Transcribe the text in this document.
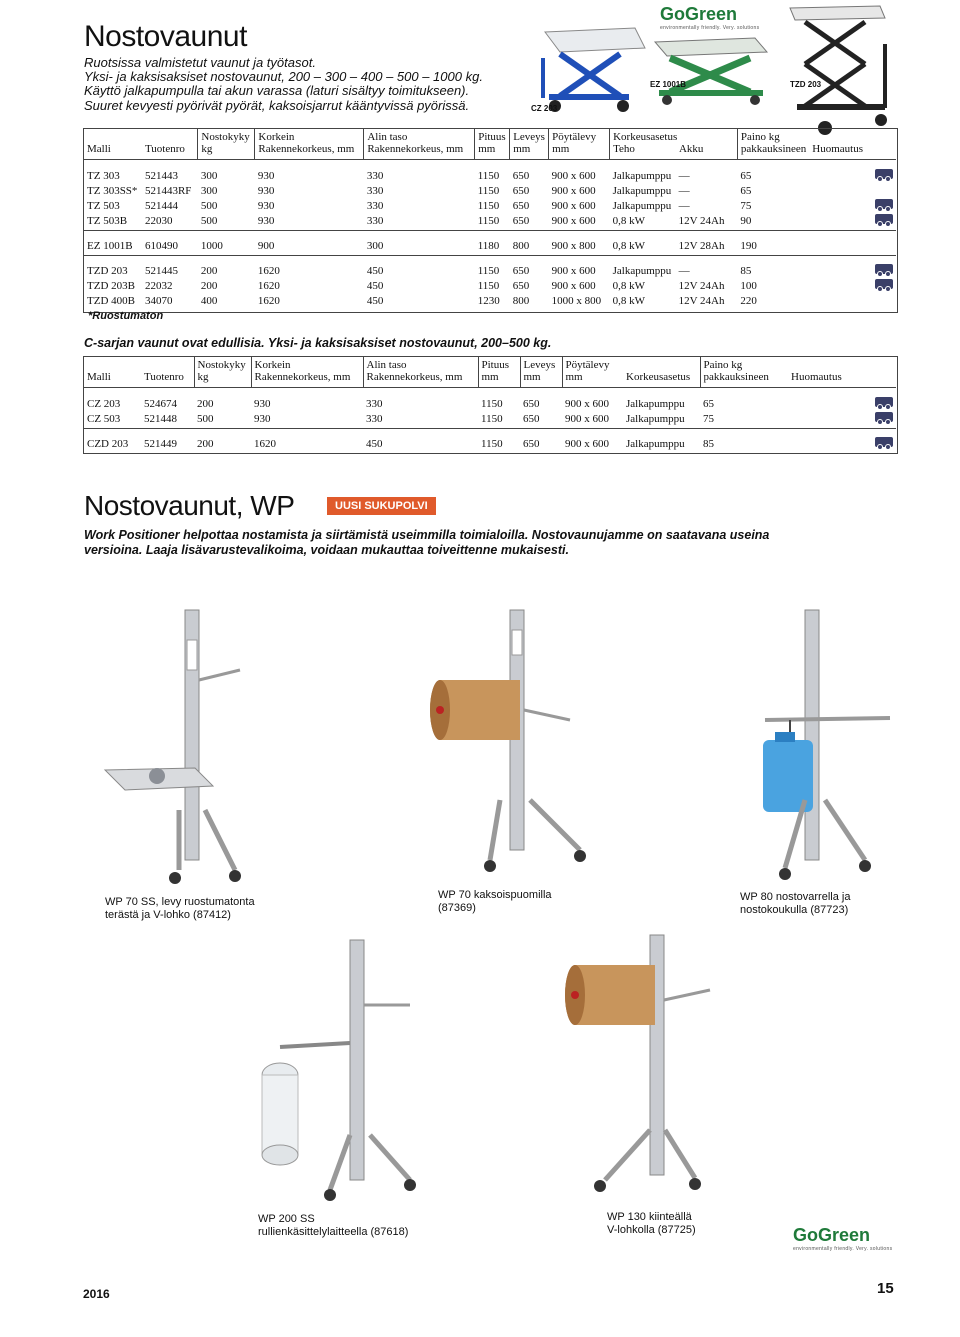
Nostovaunut
Ruotsissa valmistetut vaunut ja työtasot.
Yksi- ja kaksisaksiset nostovaunut, 200 – 300 – 400 – 500 – 1000 kg.
Käyttö jalkapumpulla tai akun varassa (laturi sisältyy toimitukseen).
Suuret kevyesti pyörivät pyörät, kaksoisjarrut kääntyvissä pyörissä.	CZ 203
GoGreen
environmentally friendly. Very. solutions
EZ 1001B	TZD 203

Malli	Tuotenro	Nostokyky
kg	Korkein
Rakennekorkeus, mm	Alin taso
Rakennekorkeus, mm	Pituus
mm	Leveys
mm	Pöytälevy
mm	Korkeusasetus
Teho Akku		Paino kg
pakkauksineen	Huomautus

TZ 303	521443	300	930	330	1150	650	900 x 600	Jalkapumppu	—	65	
TZ 303SS*	521443RF	300	930	330	1150	650	900 x 600	Jalkapumppu	—	65	
TZ 503	521444	500	930	330	1150	650	900 x 600	Jalkapumppu	—	75	
TZ 503B	22030	500	930	330	1150	650	900 x 600	0,8 kW	12V 24Ah	90	

EZ 1001B	610490	1000	900	300	1180	800	900 x 800	0,8 kW	12V 28Ah	190	

TZD 203	521445	200	1620	450	1150	650	900 x 600	Jalkapumppu	—	85	
TZD 203B	22032	200	1620	450	1150	650	900 x 600	0,8 kW	12V 24Ah	100	
TZD 400B	34070	400	1620	450	1230	800	1000 x 800	0,8 kW	12V 24Ah	220	

*Ruostumaton
C-sarjan vaunut ovat edullisia. Yksi- ja kaksisaksiset nostovaunut, 200–500 kg.

Malli	Tuotenro	Nostokyky
kg	Korkein
Rakennekorkeus, mm	Alin taso
Rakennekorkeus, mm	Pituus
mm	Leveys
mm	Pöytälevy
mm	Korkeusasetus	Paino kg
pakkauksineen	Huomautus

CZ 203	524674	200	930	330	1150	650	900 x 600	Jalkapumppu	65	
CZ 503	521448	500	930	330	1150	650	900 x 600	Jalkapumppu	75	

CZD 203	521449	200	1620	450	1150	650	900 x 600	Jalkapumppu	85	

Nostovaunut, WP	UUSI SUKUPOLVI
Work Positioner helpottaa nostamista ja siirtämistä useimmilla toimialoilla. Nostovaunujamme on saatavana useina versioina. Laaja lisävarustevalikoima, voidaan mukauttaa toiveittenne mukaisesti.
WP 70 SS, levy ruostumatonta
terästä ja V-lohko (87412)
WP 70 kaksoispuomilla
(87369)
WP 80 nostovarrella ja
nostokoukulla (87723)
WP 200 SS
rullienkäsittelylaitteella (87618)
WP 130 kiinteällä
V-lohkolla (87725)	GoGreen
environmentally friendly. Very. solutions
2016	15
